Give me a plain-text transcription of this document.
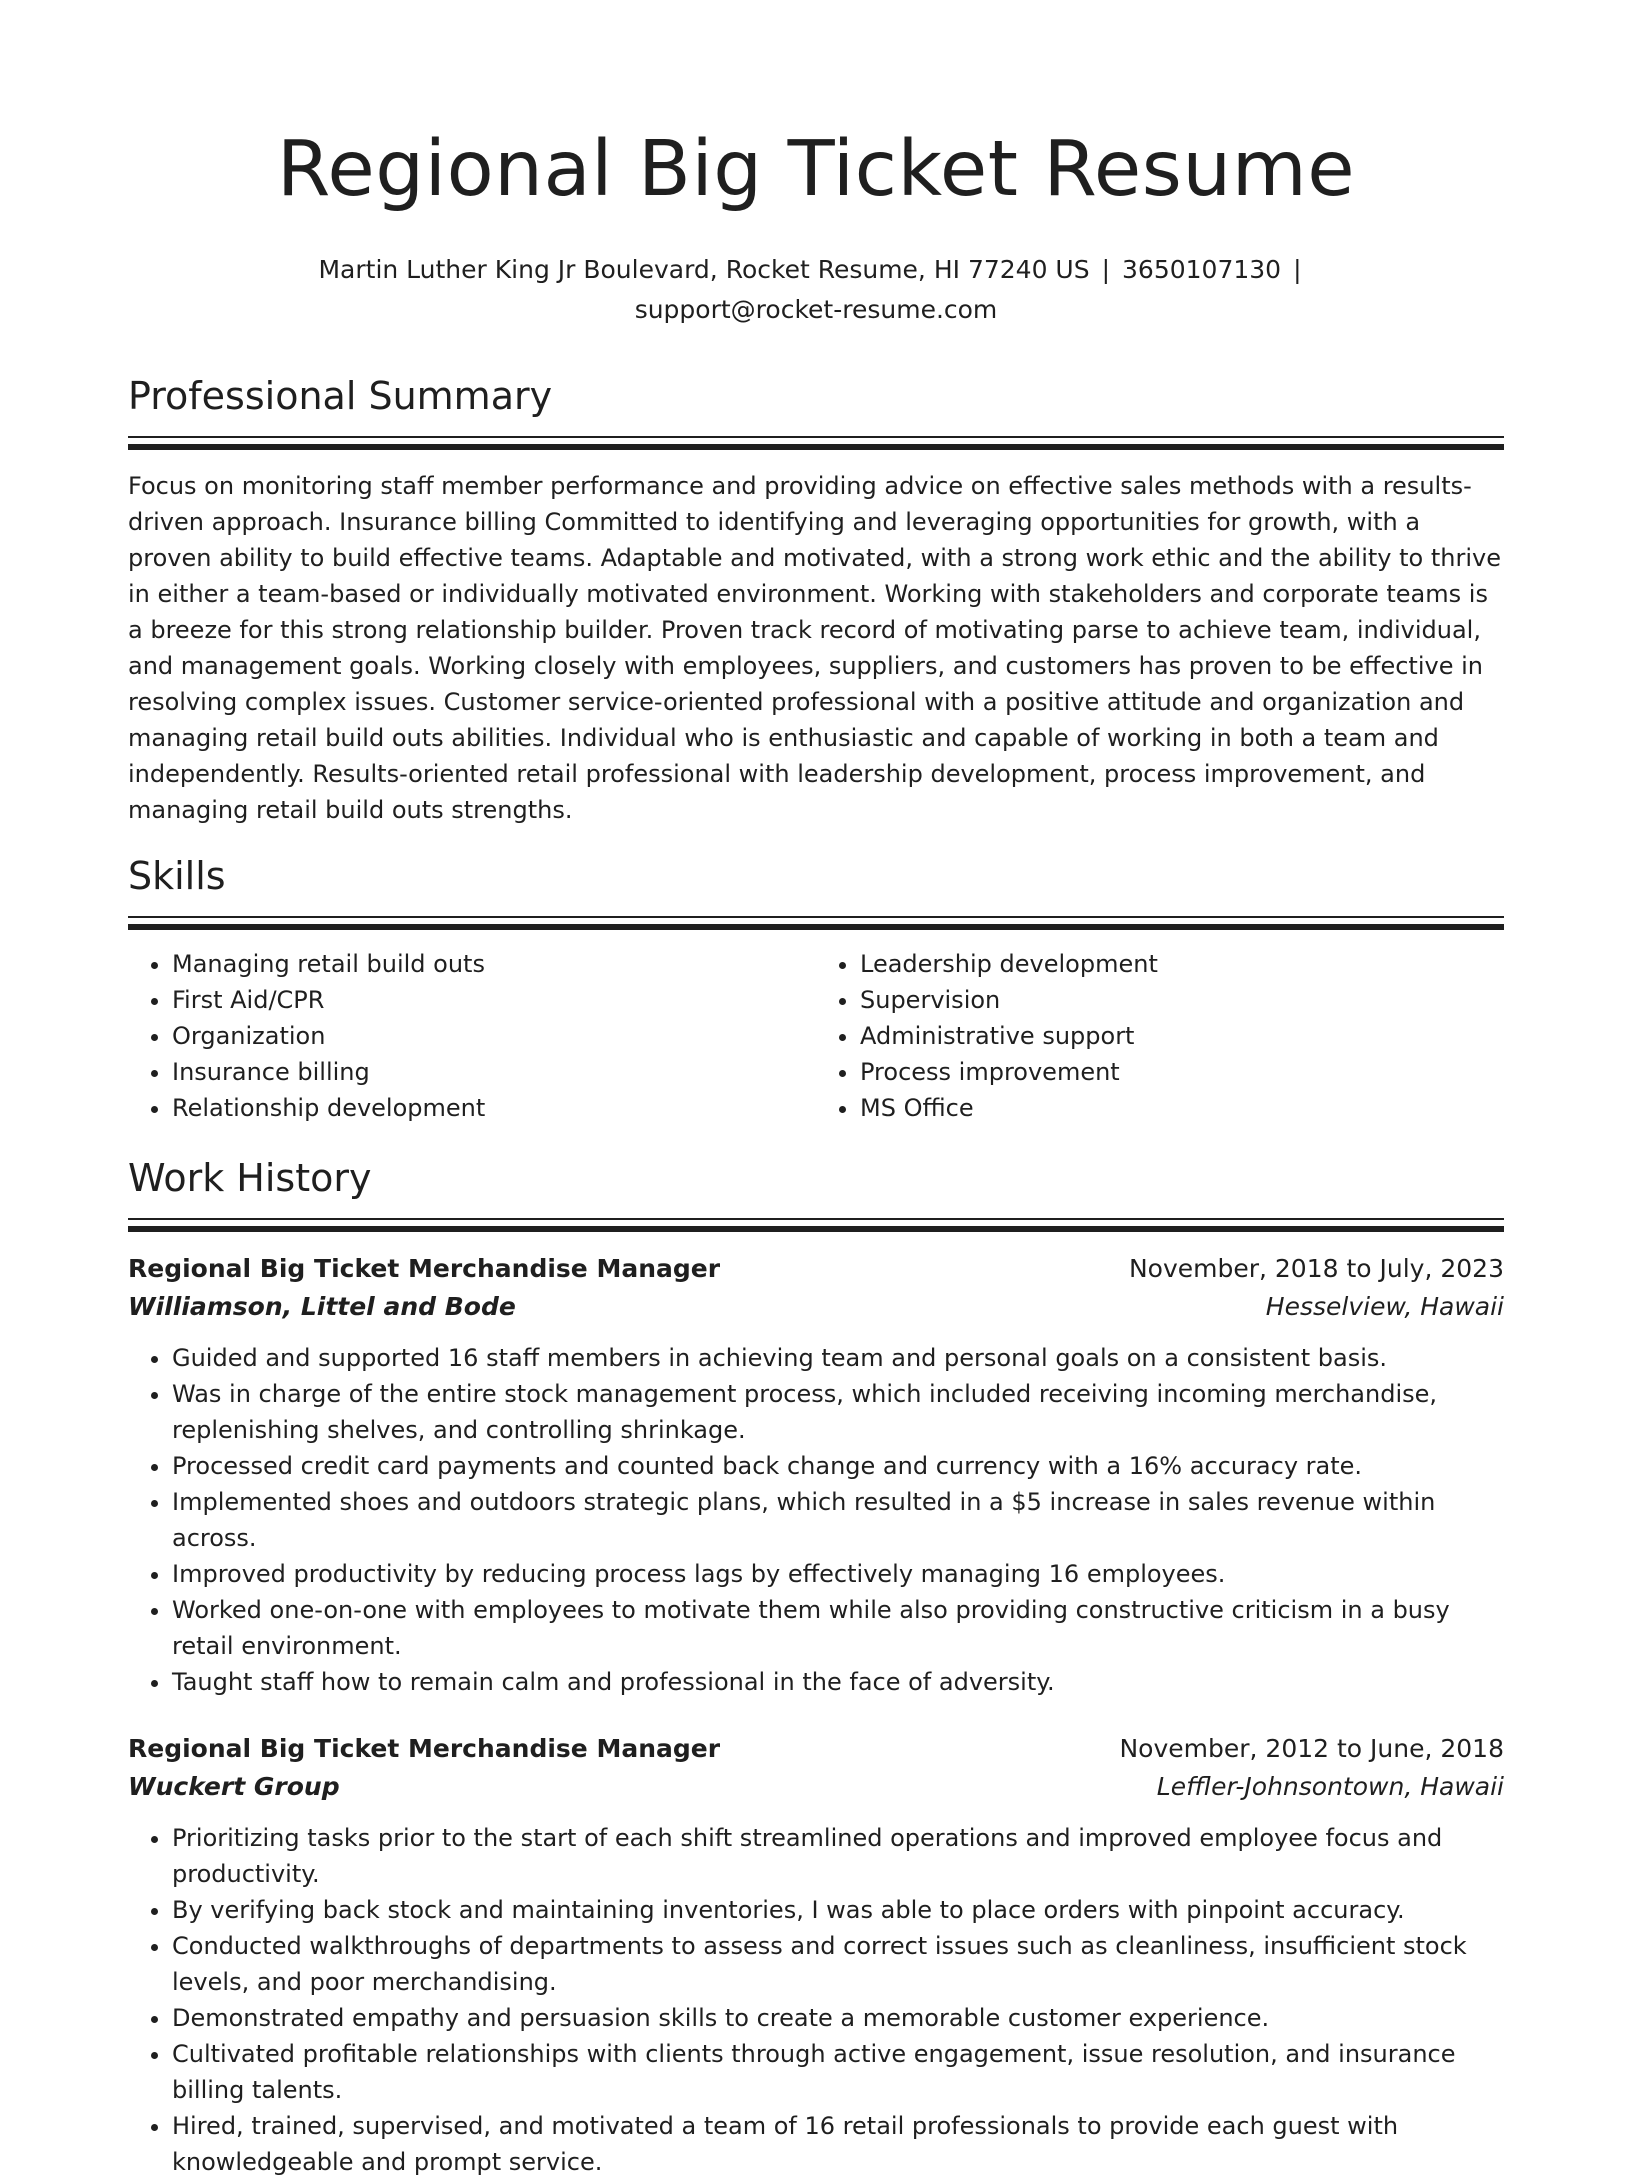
Regional Big Ticket Resume
Martin Luther King Jr Boulevard, Rocket Resume, HI 77240 US | 3650107130 |
support@rocket-resume.com
Professional Summary

Focus on monitoring staff member performance and providing advice on effective sales methods with a results-driven approach. Insurance billing Committed to identifying and leveraging opportunities for growth, with a proven ability to build effective teams. Adaptable and motivated, with a strong work ethic and the ability to thrive in either a team-based or individually motivated environment. Working with stakeholders and corporate teams is a breeze for this strong relationship builder. Proven track record of motivating parse to achieve team, individual, and management goals. Working closely with employees, suppliers, and customers has proven to be effective in resolving complex issues. Customer service-oriented professional with a positive attitude and organization and managing retail build outs abilities. Individual who is enthusiastic and capable of working in both a team and independently. Results-oriented retail professional with leadership development, process improvement, and managing retail build outs strengths.

Skills
• Managing retail build outs
• First Aid/CPR
• Organization
• Insurance billing
• Relationship development
• Leadership development
• Supervision
• Administrative support
• Process improvement
• MS Office
Work History
Regional Big Ticket Merchandise Manager	November, 2018 to July, 2023
Williamson, Littel and Bode	Hesselview, Hawaii
• Guided and supported 16 staff members in achieving team and personal goals on a consistent basis.
• Was in charge of the entire stock management process, which included receiving incoming merchandise, replenishing shelves, and controlling shrinkage.
• Processed credit card payments and counted back change and currency with a 16% accuracy rate.
• Implemented shoes and outdoors strategic plans, which resulted in a $5 increase in sales revenue within across.
• Improved productivity by reducing process lags by effectively managing 16 employees.
• Worked one-on-one with employees to motivate them while also providing constructive criticism in a busy retail environment.
• Taught staff how to remain calm and professional in the face of adversity.
Regional Big Ticket Merchandise Manager	November, 2012 to June, 2018
Wuckert Group	Leffler-Johnsontown, Hawaii
• Prioritizing tasks prior to the start of each shift streamlined operations and improved employee focus and productivity.
• By verifying back stock and maintaining inventories, I was able to place orders with pinpoint accuracy.
• Conducted walkthroughs of departments to assess and correct issues such as cleanliness, insufficient stock levels, and poor merchandising.
• Demonstrated empathy and persuasion skills to create a memorable customer experience.
• Cultivated profitable relationships with clients through active engagement, issue resolution, and insurance billing talents.
• Hired, trained, supervised, and motivated a team of 16 retail professionals to provide each guest with knowledgeable and prompt service.
